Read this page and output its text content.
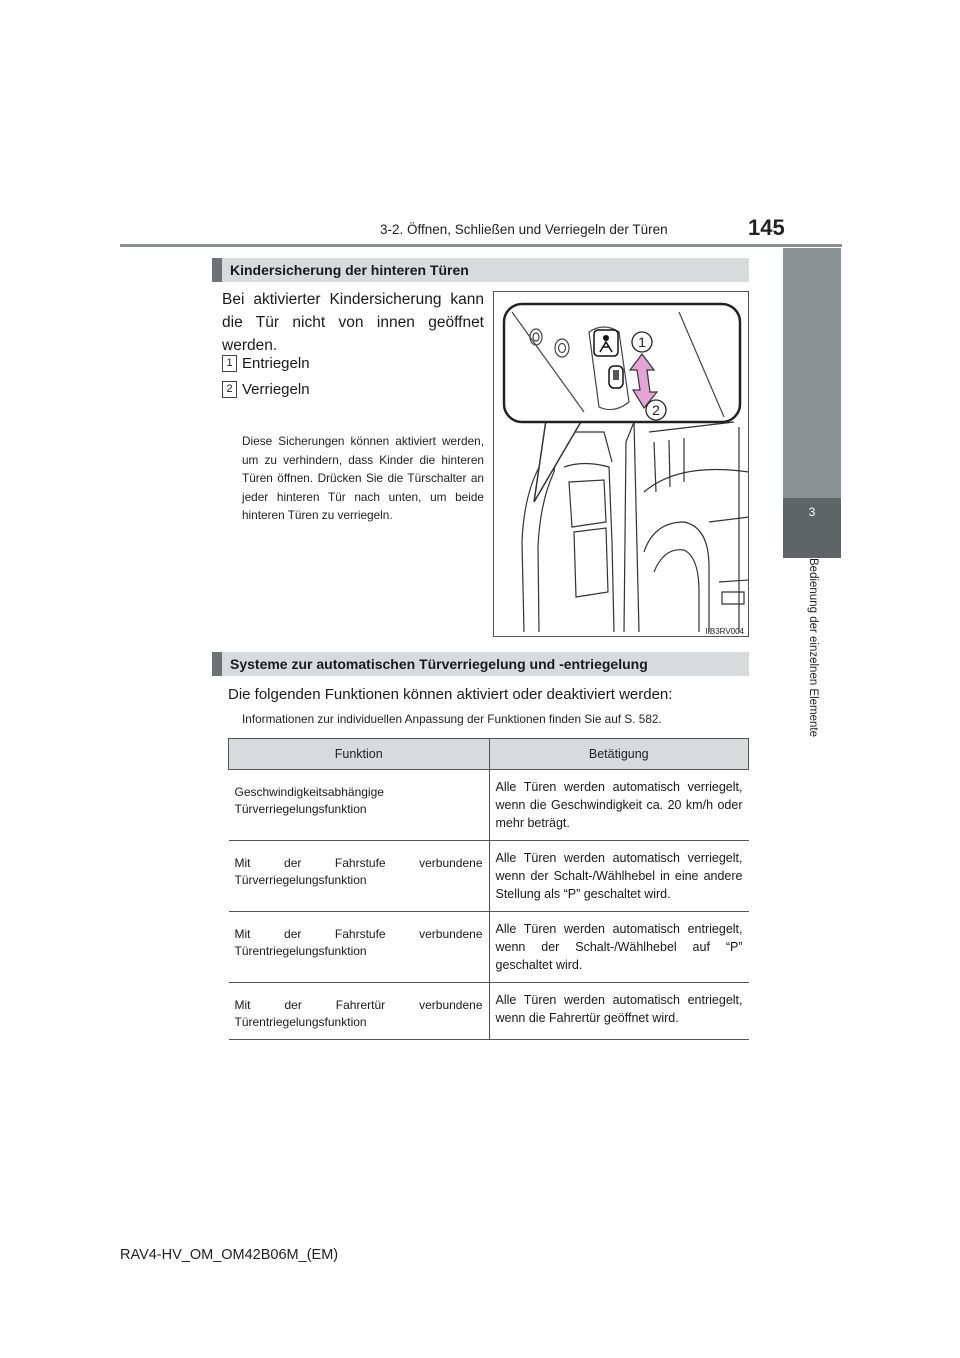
3-2. Öffnen, Schließen und Verriegeln der Türen	145
3
Bedienung der einzelnen Elemente
Kindersicherung der hinteren Türen
Bei aktivierter Kindersicherung kann die Tür nicht von innen geöffnet werden.
1 Entriegeln
2 Verriegeln
Diese Sicherungen können aktiviert werden, um zu verhindern, dass Kinder die hinteren Türen öffnen. Drücken Sie die Türschalter an jeder hinteren Tür nach unten, um beide hinteren Türen zu verriegeln.
1
2
IIB3RV004
Systeme zur automatischen Türverriegelung und -entriegelung
Die folgenden Funktionen können aktiviert oder deaktiviert werden:
Informationen zur individuellen Anpassung der Funktionen finden Sie auf S. 582.
Funktion	Betätigung
Geschwindigkeitsabhängige Türverriegelungsfunktion	Alle Türen werden automatisch verriegelt, wenn die Geschwindigkeit ca. 20 km/h oder mehr beträgt.
Mit der Fahrstufe verbundene Türverriegelungsfunktion	Alle Türen werden automatisch verriegelt, wenn der Schalt-/Wählhebel in eine andere Stellung als “P” geschaltet wird.
Mit der Fahrstufe verbundene Türentriegelungsfunktion	Alle Türen werden automatisch entriegelt, wenn der Schalt-/Wählhebel auf “P” geschaltet wird.
Mit der Fahrertür verbundene Türentriegelungsfunktion	Alle Türen werden automatisch entriegelt, wenn die Fahrertür geöffnet wird.
RAV4-HV_OM_OM42B06M_(EM)
